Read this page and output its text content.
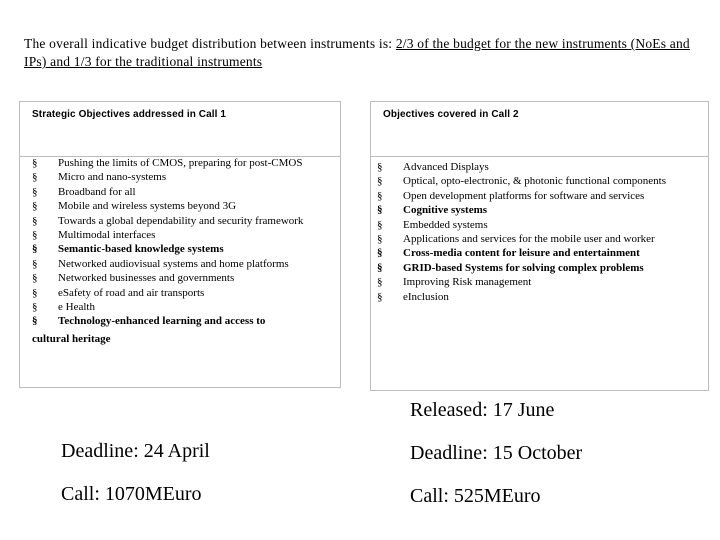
The overall indicative budget distribution between instruments is: 2/3 of the budget for the new instruments (NoEs and IPs) and 1/3 for the traditional instruments
Strategic Objectives addressed in Call 1
§	Pushing the limits of CMOS, preparing for post-CMOS
§	Micro and nano-systems
§	Broadband for all
§	Mobile and wireless systems beyond 3G
§	Towards a global dependability and security framework
§	Multimodal interfaces
§	Semantic-based knowledge systems
§	Networked audiovisual systems and home platforms
§	Networked businesses and governments
§	eSafety of road and air transports
§	e Health
§	Technology-enhanced learning and access to
cultural heritage
Objectives covered in Call 2
§	Advanced Displays
§	Optical, opto-electronic, & photonic functional components
§	Open development platforms for software and services
§	Cognitive systems
§	Embedded systems
§	Applications and services for the mobile user and worker
§	Cross-media content for leisure and entertainment
§	GRID-based Systems for solving complex problems
§	Improving Risk management
§	eInclusion
Released: 17 June
Deadline: 24 April	Deadline: 15 October
Call: 1070MEuro	Call: 525MEuro
